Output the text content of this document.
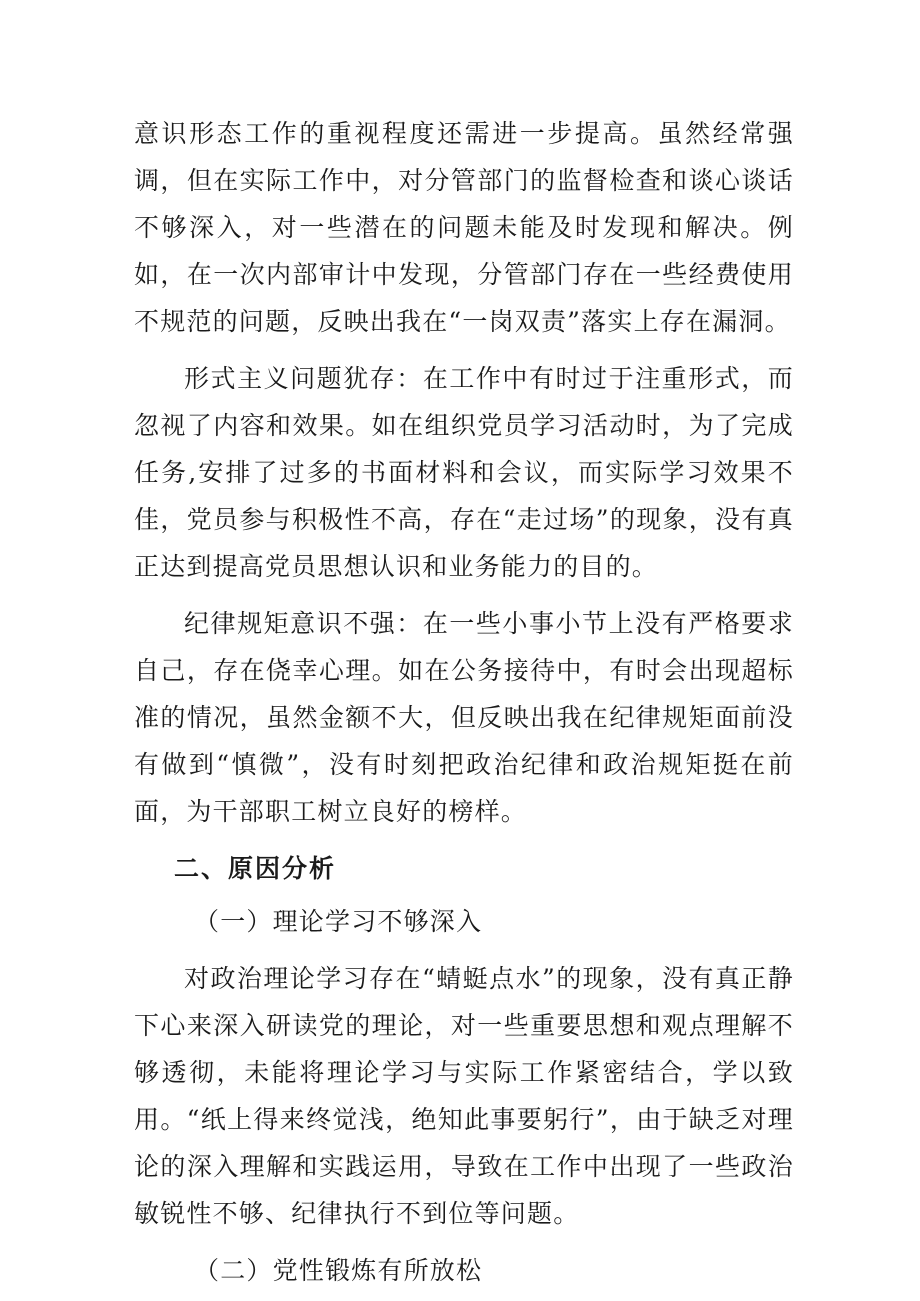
意识形态工作的重视程度还需进一步提高。虽然经常强调，但在实际工作中，对分管部门的监督检查和谈心谈话不够深入，对一些潜在的问题未能及时发现和解决。例如，在一次内部审计中发现，分管部门存在一些经费使用不规范的问题，反映出我在“一岗双责”落实上存在漏洞。

形式主义问题犹存：在工作中有时过于注重形式，而忽视了内容和效果。如在组织党员学习活动时，为了完成任务,安排了过多的书面材料和会议，而实际学习效果不佳，党员参与积极性不高，存在“走过场”的现象，没有真正达到提高党员思想认识和业务能力的目的。

纪律规矩意识不强：在一些小事小节上没有严格要求自己，存在侥幸心理。如在公务接待中，有时会出现超标准的情况，虽然金额不大，但反映出我在纪律规矩面前没有做到“慎微”，没有时刻把政治纪律和政治规矩挺在前面，为干部职工树立良好的榜样。

二、原因分析
（一）理论学习不够深入

对政治理论学习存在“蜻蜓点水”的现象，没有真正静下心来深入研读党的理论，对一些重要思想和观点理解不够透彻，未能将理论学习与实际工作紧密结合，学以致用。“纸上得来终觉浅，绝知此事要躬行”，由于缺乏对理论的深入理解和实践运用，导致在工作中出现了一些政治敏锐性不够、纪律执行不到位等问题。

（二）党性锻炼有所放松
